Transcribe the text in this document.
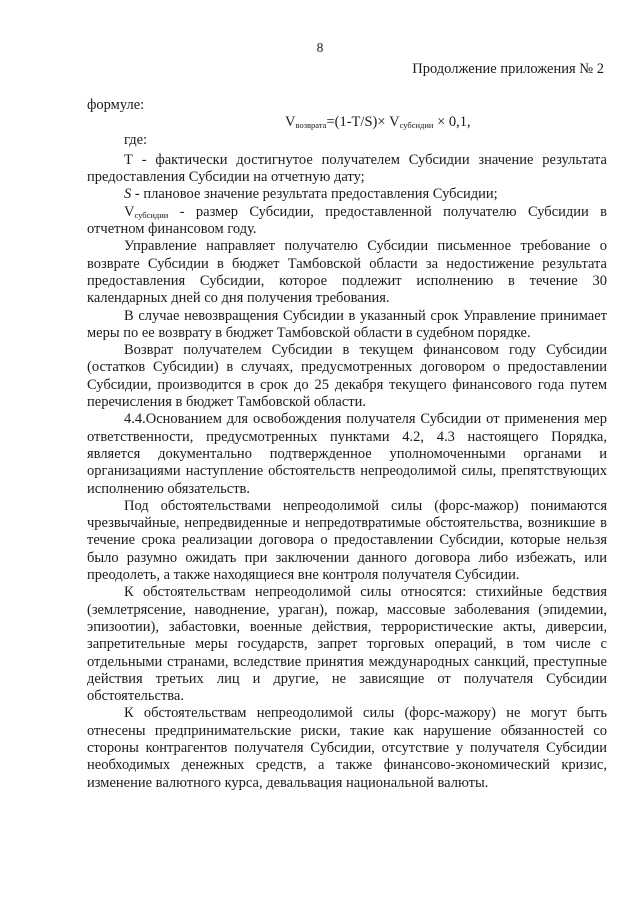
8
Продолжение приложения № 2

формуле:

$V_{возврата}=(1-T/S)\times V_{субсидии} \times 0,1$,

где:

Т - фактически достигнутое получателем Субсидии значение результата предоставления Субсидии на отчетную дату;

S - плановое значение результата предоставления Субсидии;

$V_{субсидии}$ - размер Субсидии, предоставленной получателю Субсидии в отчетном финансовом году.

Управление направляет получателю Субсидии письменное требование о возврате Субсидии в бюджет Тамбовской области за недостижение результата предоставления Субсидии, которое подлежит исполнению в течение 30 календарных дней со дня получения требования.

В случае невозвращения Субсидии в указанный срок Управление принимает меры по ее возврату в бюджет Тамбовской области в судебном порядке.

Возврат получателем Субсидии в текущем финансовом году Субсидии (остатков Субсидии) в случаях, предусмотренных договором о предоставлении Субсидии, производится в срок до 25 декабря текущего финансового года путем перечисления в бюджет Тамбовской области.

4.4.Основанием для освобождения получателя Субсидии от применения мер ответственности, предусмотренных пунктами 4.2, 4.3 настоящего Порядка, является документально подтвержденное уполномоченными органами и организациями наступление обстоятельств непреодолимой силы, препятствующих исполнению обязательств.

Под обстоятельствами непреодолимой силы (форс-мажор) понимаются чрезвычайные, непредвиденные и непредотвратимые обстоятельства, возникшие в течение срока реализации договора о предоставлении Субсидии, которые нельзя было разумно ожидать при заключении данного договора либо избежать, или преодолеть, а также находящиеся вне контроля получателя Субсидии.

К обстоятельствам непреодолимой силы относятся: стихийные бедствия (землетрясение, наводнение, ураган), пожар, массовые заболевания (эпидемии, эпизоотии), забастовки, военные действия, террористические акты, диверсии, запретительные меры государств, запрет торговых операций, в том числе с отдельными странами, вследствие принятия международных санкций, преступные действия третьих лиц и другие, не зависящие от получателя Субсидии обстоятельства.

К обстоятельствам непреодолимой силы (форс-мажору) не могут быть отнесены предпринимательские риски, такие как нарушение обязанностей со стороны контрагентов получателя Субсидии, отсутствие у получателя Субсидии необходимых денежных средств, а также финансово-экономический кризис, изменение валютного курса, девальвация национальной валюты.
